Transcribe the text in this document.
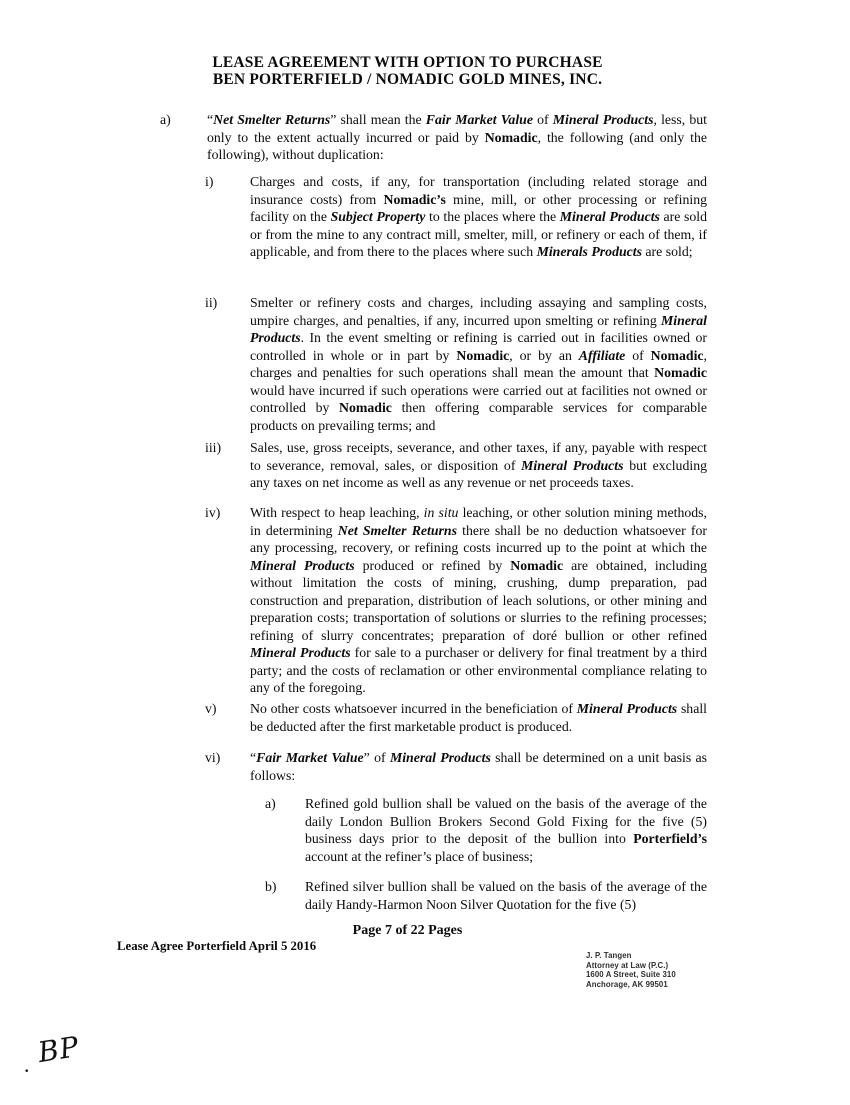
LEASE AGREEMENT WITH OPTION TO PURCHASE
BEN PORTERFIELD / NOMADIC GOLD MINES, INC.
a)	“Net Smelter Returns” shall mean the Fair Market Value of Mineral Products, less, but only to the extent actually incurred or paid by Nomadic, the following (and only the following), without duplication:
i)	Charges and costs, if any, for transportation (including related storage and insurance costs) from Nomadic’s mine, mill, or other processing or refining facility on the Subject Property to the places where the Mineral Products are sold or from the mine to any contract mill, smelter, mill, or refinery or each of them, if applicable, and from there to the places where such Minerals Products are sold;
ii) Smelter or refinery costs and charges, including assaying and sampling costs, umpire charges, and penalties, if any, incurred upon smelting or refining Mineral Products. In the event smelting or refining is carried out in facilities owned or controlled in whole or in part by Nomadic, or by an Affiliate of Nomadic, charges and penalties for such operations shall mean the amount that Nomadic would have incurred if such operations were carried out at facilities not owned or controlled by Nomadic then offering comparable services for comparable products on prevailing terms; and
iii) Sales, use, gross receipts, severance, and other taxes, if any, payable with respect to severance, removal, sales, or disposition of Mineral Products but excluding any taxes on net income as well as any revenue or net proceeds taxes.
iv) With respect to heap leaching, in situ leaching, or other solution mining methods, in determining Net Smelter Returns there shall be no deduction whatsoever for any processing, recovery, or refining costs incurred up to the point at which the Mineral Products produced or refined by Nomadic are obtained, including without limitation the costs of mining, crushing, dump preparation, pad construction and preparation, distribution of leach solutions, or other mining and preparation costs; transportation of solutions or slurries to the refining processes; refining of slurry concentrates; preparation of doré bullion or other refined Mineral Products for sale to a purchaser or delivery for final treatment by a third party; and the costs of reclamation or other environmental compliance relating to any of the foregoing.
v) No other costs whatsoever incurred in the beneficiation of Mineral Products shall be deducted after the first marketable product is produced.
vi) “Fair Market Value” of Mineral Products shall be determined on a unit basis as follows:
a) Refined gold bullion shall be valued on the basis of the average of the daily London Bullion Brokers Second Gold Fixing for the five (5) business days prior to the deposit of the bullion into Porterfield’s account at the refiner’s place of business;
b) Refined silver bullion shall be valued on the basis of the average of the daily Handy-Harmon Noon Silver Quotation for the five (5)
Page 7 of 22 Pages
Lease Agree Porterfield April 5 2016
J. P. Tangen
Attorney at Law (P.C.)
1600 A Street, Suite 310
Anchorage, AK 99501
. BP
